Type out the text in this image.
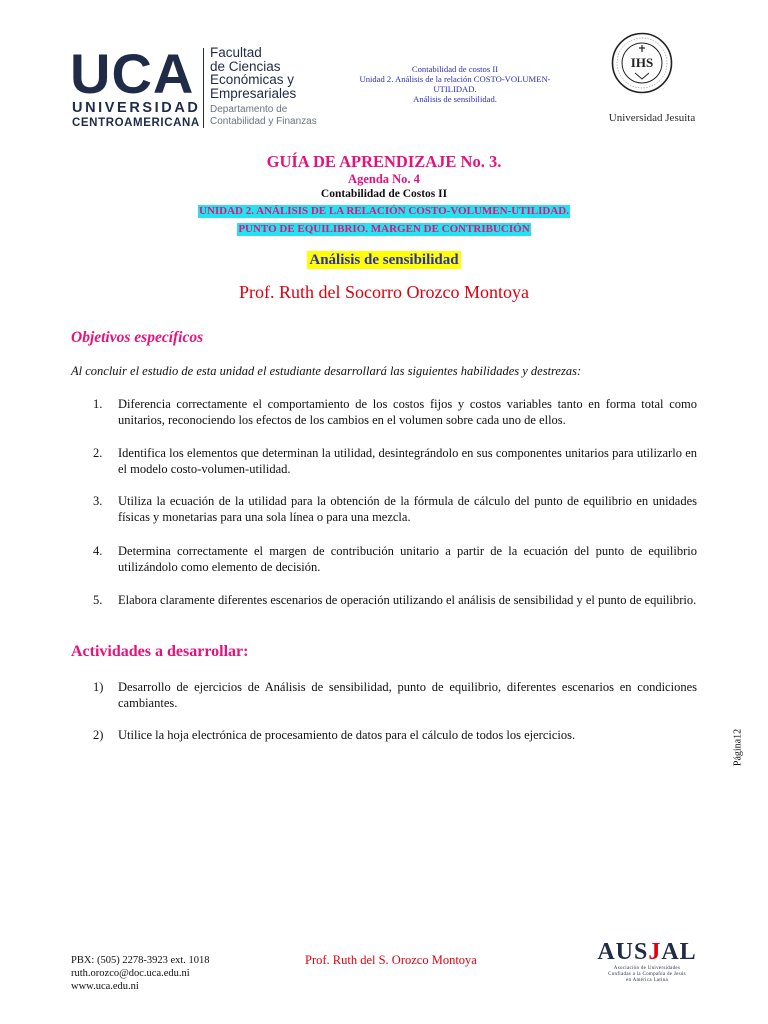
UCA
UNIVERSIDAD
CENTROAMERICANA
Facultad
de Ciencias
Económicas y
Empresariales
Departamento de
Contabilidad y Finanzas
Contabilidad de costos II
Unidad 2. Análisis de la relación COSTO-VOLUMEN-
UTILIDAD.
Análisis de sensibilidad.
IHS
Universidad Jesuita
GUÍA DE APRENDIZAJE No. 3.
Agenda No. 4
Contabilidad de Costos II
UNIDAD 2. ANÁLISIS DE LA RELACIÓN COSTO-VOLUMEN-UTILIDAD.
PUNTO DE EQUILIBRIO. MARGEN DE CONTRIBUCIÓN
Análisis de sensibilidad
Prof. Ruth del Socorro Orozco Montoya
Objetivos específicos
Al concluir el estudio de esta unidad el estudiante desarrollará las siguientes habilidades y destrezas:
1.	Diferencia correctamente el comportamiento de los costos fijos y costos variables tanto en forma total como unitarios, reconociendo los efectos de los cambios en el volumen sobre cada uno de ellos.
2.	Identifica los elementos que determinan la utilidad, desintegrándolo en sus componentes unitarios para utilizarlo en el modelo costo-volumen-utilidad.
3.	Utiliza la ecuación de la utilidad para la obtención de la fórmula de cálculo del punto de equilibrio en unidades físicas y monetarias para una sola línea o para una mezcla.
4.	Determina correctamente el margen de contribución unitario a partir de la ecuación del punto de equilibrio utilizándolo como elemento de decisión.
5.	Elabora claramente diferentes escenarios de operación utilizando el análisis de sensibilidad y el punto de equilibrio.
Actividades a desarrollar:
1)	Desarrollo de ejercicios de Análisis de sensibilidad, punto de equilibrio, diferentes escenarios en condiciones cambiantes.
2)	Utilice la hoja electrónica de procesamiento de datos para el cálculo de todos los ejercicios.	Página12
PBX: (505) 2278-3923 ext. 1018
ruth.orozco@doc.uca.edu.ni
www.uca.edu.ni
Prof. Ruth del S. Orozco Montoya	AUSJAL
Asociación de Universidades
Confiadas a la Compañía de Jesús
en América Latina
